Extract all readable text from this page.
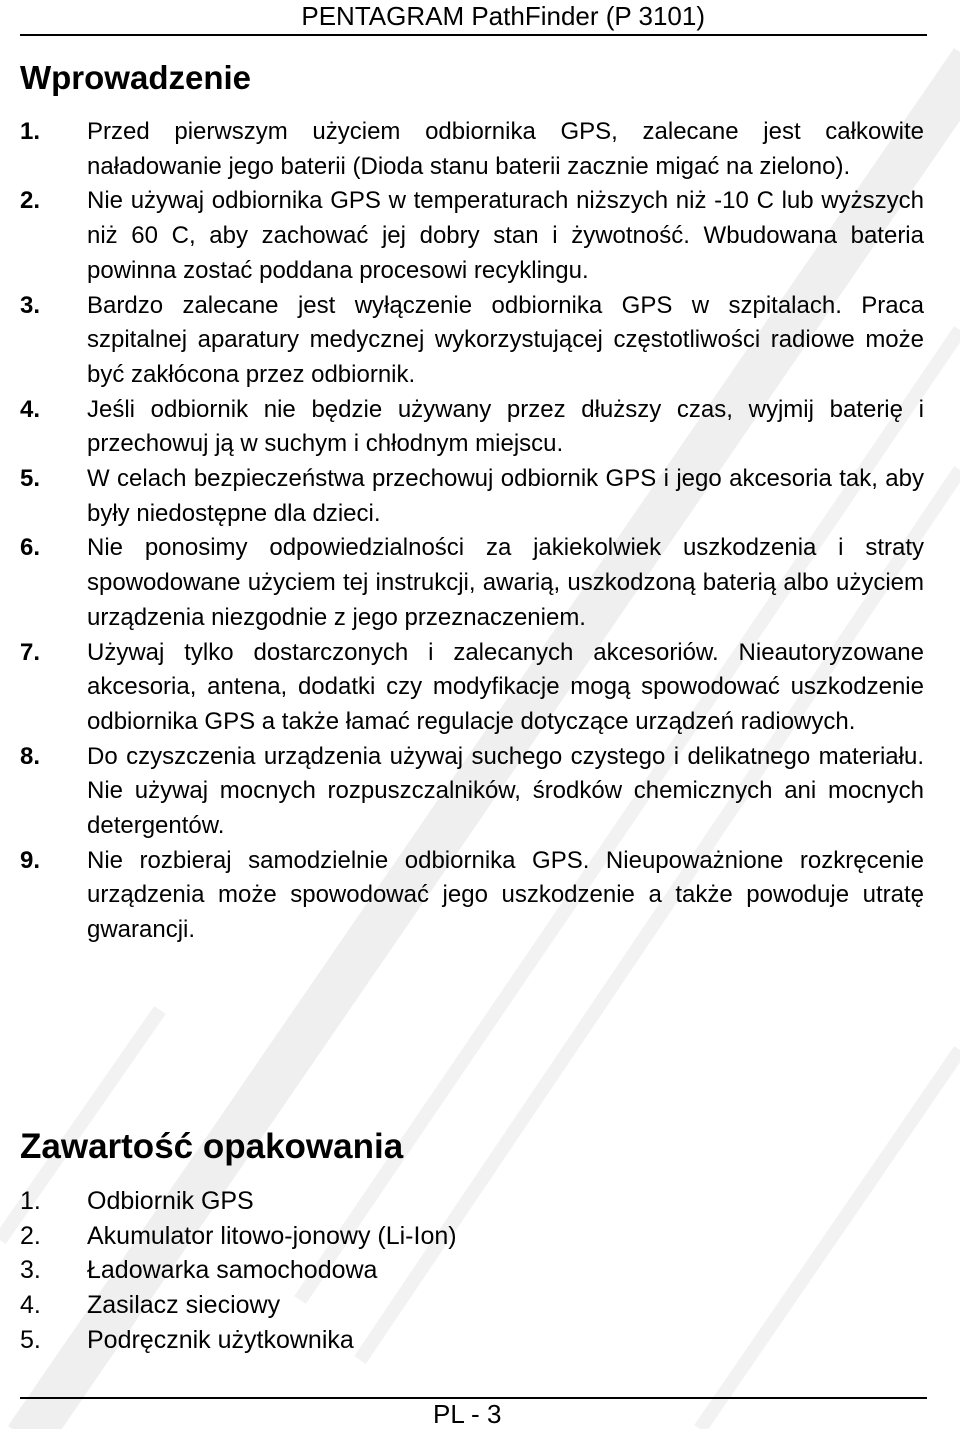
PENTAGRAM PathFinder (P 3101)
Wprowadzenie
1. Przed pierwszym użyciem odbiornika GPS, zalecane jest całkowite naładowanie jego baterii (Dioda stanu baterii zacznie migać na zielono).
2. Nie używaj odbiornika GPS w temperaturach niższych niż -10 C lub wyższych niż 60 C, aby zachować jej dobry stan i żywotność. Wbudowana bateria powinna zostać poddana procesowi recyklingu.
3. Bardzo zalecane jest wyłączenie odbiornika GPS w szpitalach. Praca szpitalnej aparatury medycznej wykorzystującej częstotliwości radiowe może być zakłócona przez odbiornik.
4. Jeśli odbiornik nie będzie używany przez dłuższy czas, wyjmij baterię i przechowuj ją w suchym i chłodnym miejscu.
5. W celach bezpieczeństwa przechowuj odbiornik GPS i jego akcesoria tak, aby były niedostępne dla dzieci.
6. Nie ponosimy odpowiedzialności za jakiekolwiek uszkodzenia i straty spowodowane użyciem tej instrukcji, awarią, uszkodzoną baterią albo użyciem urządzenia niezgodnie z jego przeznaczeniem.
7. Używaj tylko dostarczonych i zalecanych akcesoriów. Nieautoryzowane akcesoria, antena, dodatki czy modyfikacje mogą spowodować uszkodzenie odbiornika GPS a także łamać regulacje dotyczące urządzeń radiowych.
8. Do czyszczenia urządzenia używaj suchego czystego i delikatnego materiału. Nie używaj mocnych rozpuszczalników, środków chemicznych ani mocnych detergentów.
9. Nie rozbieraj samodzielnie odbiornika GPS. Nieupoważnione rozkręcenie urządzenia może spowodować jego uszkodzenie a także powoduje utratę gwarancji.
Zawartość opakowania
1. Odbiornik GPS
2. Akumulator litowo-jonowy (Li-Ion)
3. Ładowarka samochodowa
4. Zasilacz sieciowy
5. Podręcznik użytkownika
PL - 3
